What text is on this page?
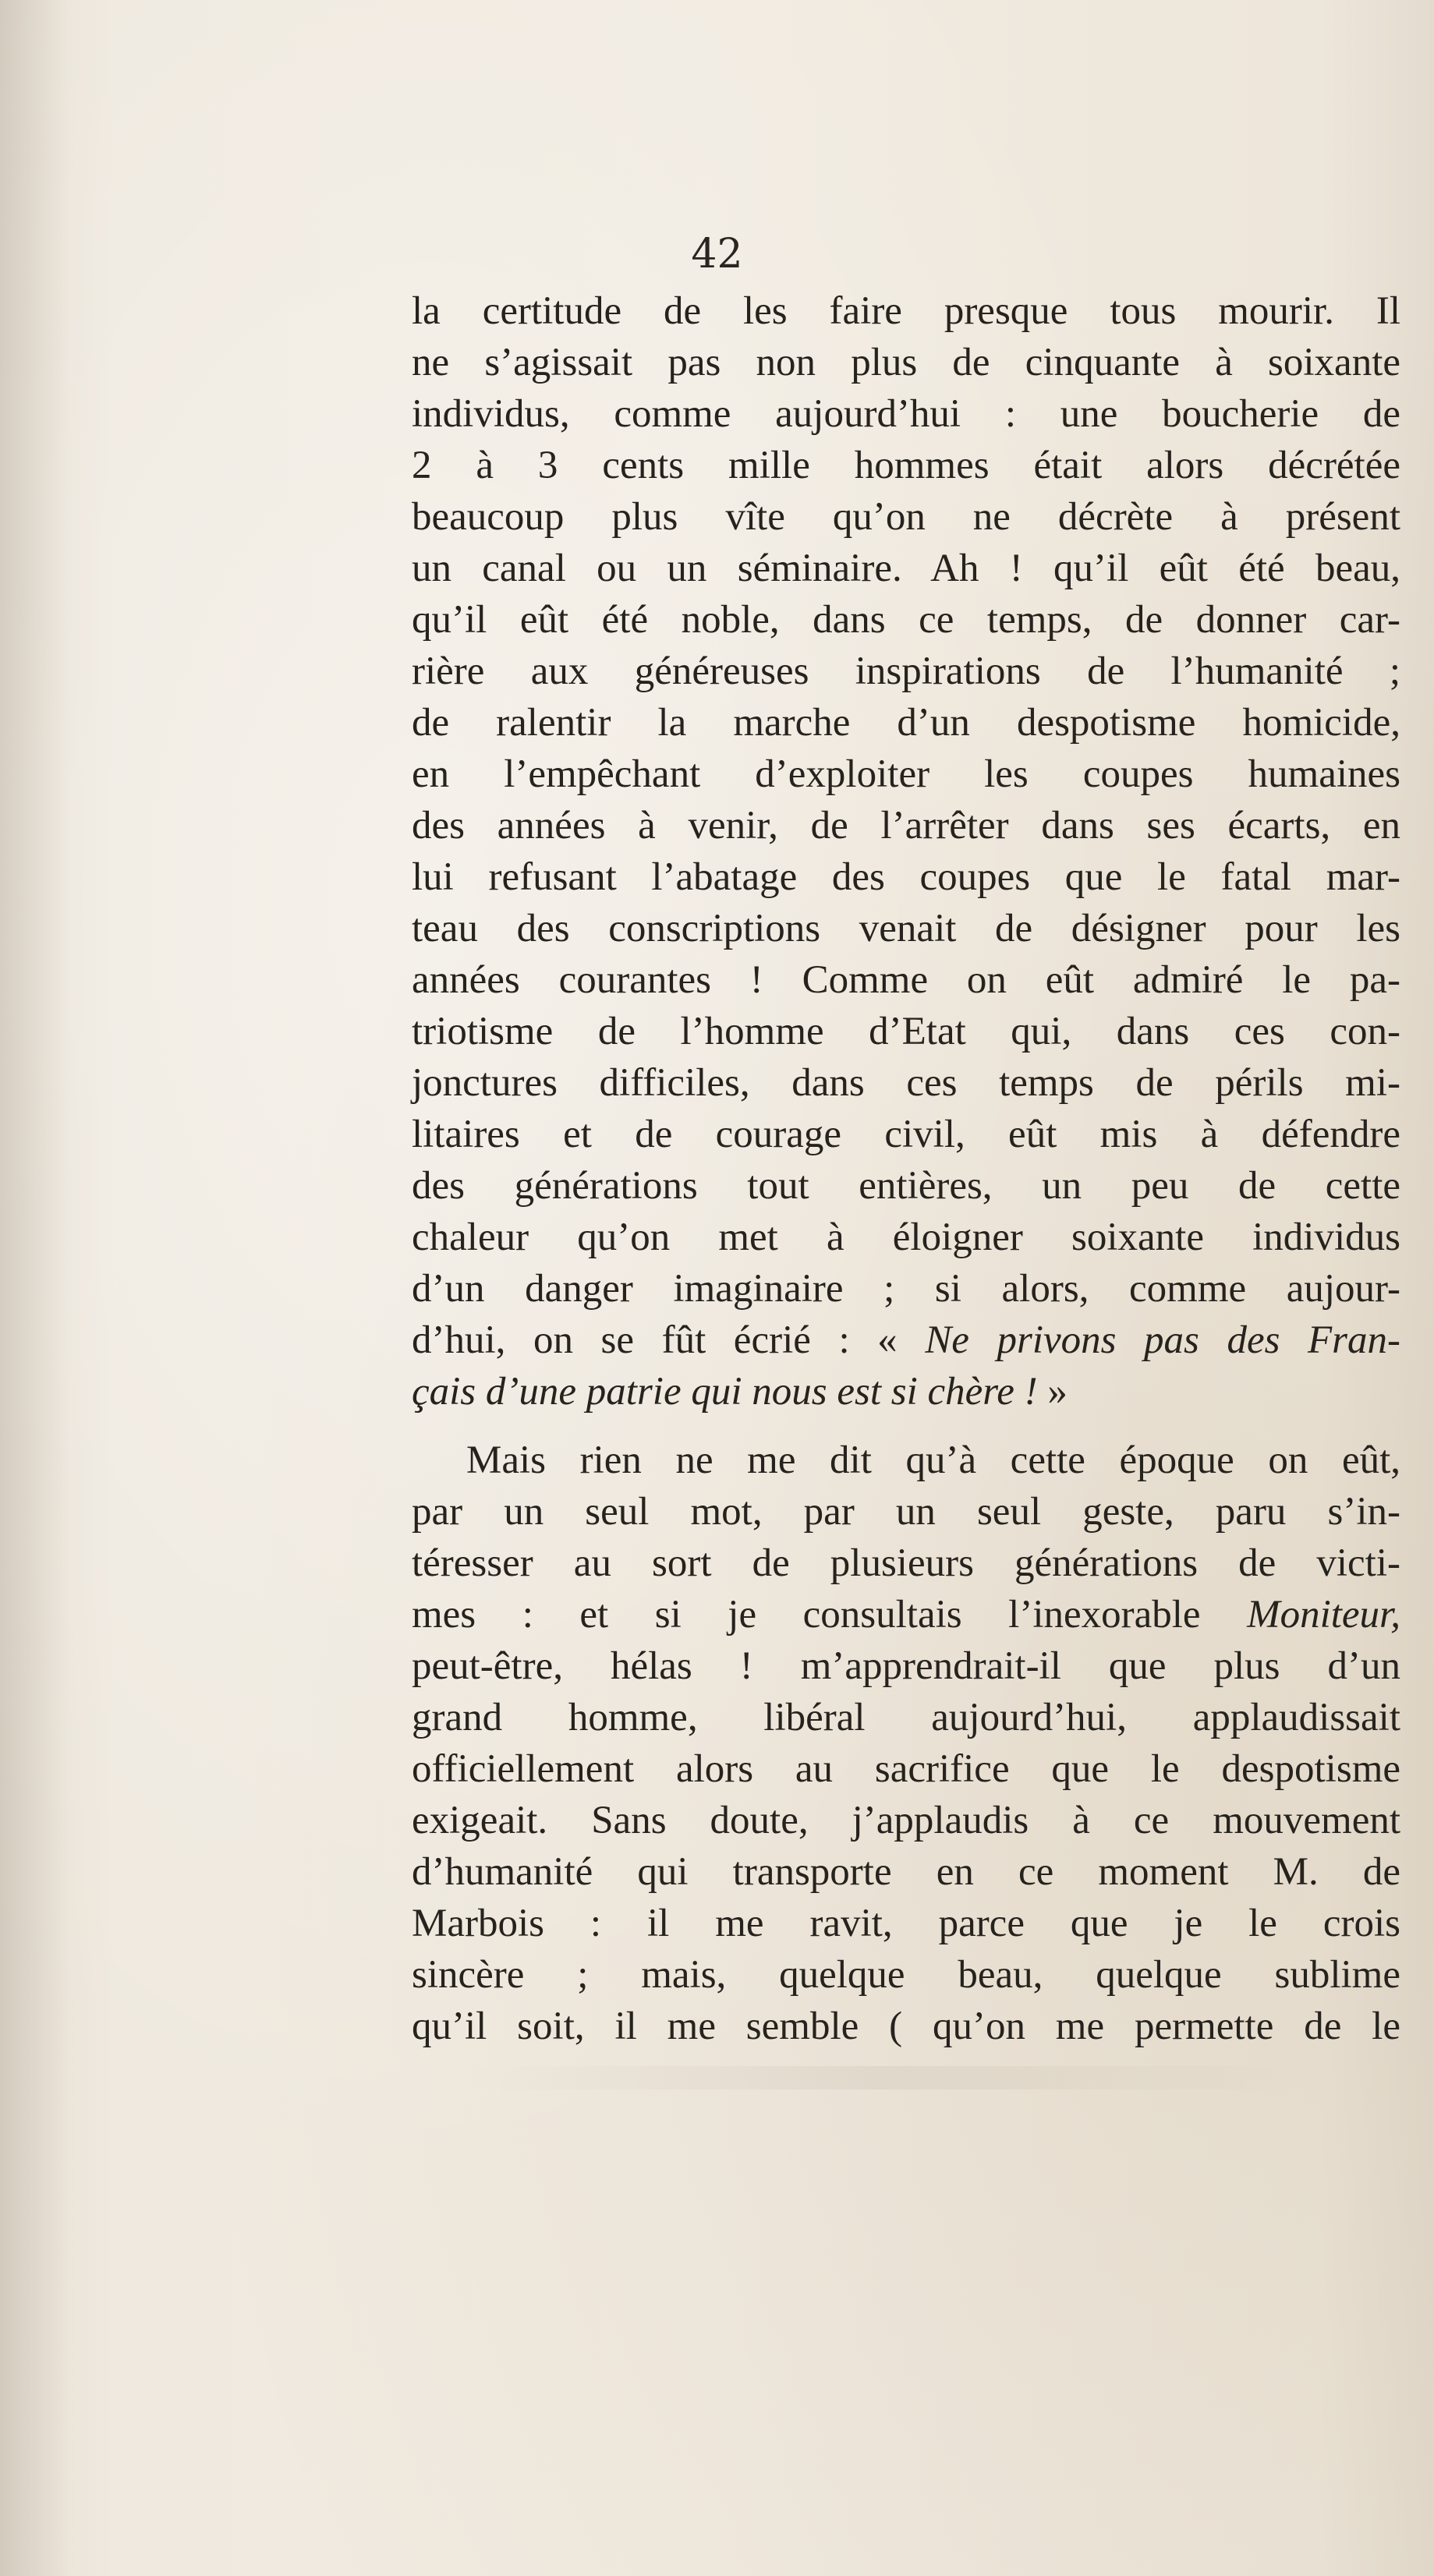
42

la certitude de les faire presque tous mourir. Il
ne s’agissait pas non plus de cinquante à soixante
individus, comme aujourd’hui : une boucherie de
2 à 3 cents mille hommes était alors décrétée
beaucoup plus vîte qu’on ne décrète à présent
un canal ou un séminaire. Ah ! qu’il eût été beau,
qu’il eût été noble, dans ce temps, de donner car-
rière aux généreuses inspirations de l’humanité ;
de ralentir la marche d’un despotisme homicide,
en l’empêchant d’exploiter les coupes humaines
des années à venir, de l’arrêter dans ses écarts, en
lui refusant l’abatage des coupes que le fatal mar-
teau des conscriptions venait de désigner pour les
années courantes ! Comme on eût admiré le pa-
triotisme de l’homme d’Etat qui, dans ces con-
jonctures difficiles, dans ces temps de périls mi-
litaires et de courage civil, eût mis à défendre
des générations tout entières, un peu de cette
chaleur qu’on met à éloigner soixante individus
d’un danger imaginaire ; si alors, comme aujour-
d’hui, on se fût écrié : « Ne privons pas des Fran-
çais d’une patrie qui nous est si chère ! »
Mais rien ne me dit qu’à cette époque on eût,
par un seul mot, par un seul geste, paru s’in-
téresser au sort de plusieurs générations de victi-
mes : et si je consultais l’inexorable Moniteur,
peut-être, hélas ! m’apprendrait-il que plus d’un
grand homme, libéral aujourd’hui, applaudissait
officiellement alors au sacrifice que le despotisme
exigeait. Sans doute, j’applaudis à ce mouvement
d’humanité qui transporte en ce moment M. de
Marbois : il me ravit, parce que je le crois
sincère ; mais, quelque beau, quelque sublime
qu’il soit, il me semble ( qu’on me permette de le
